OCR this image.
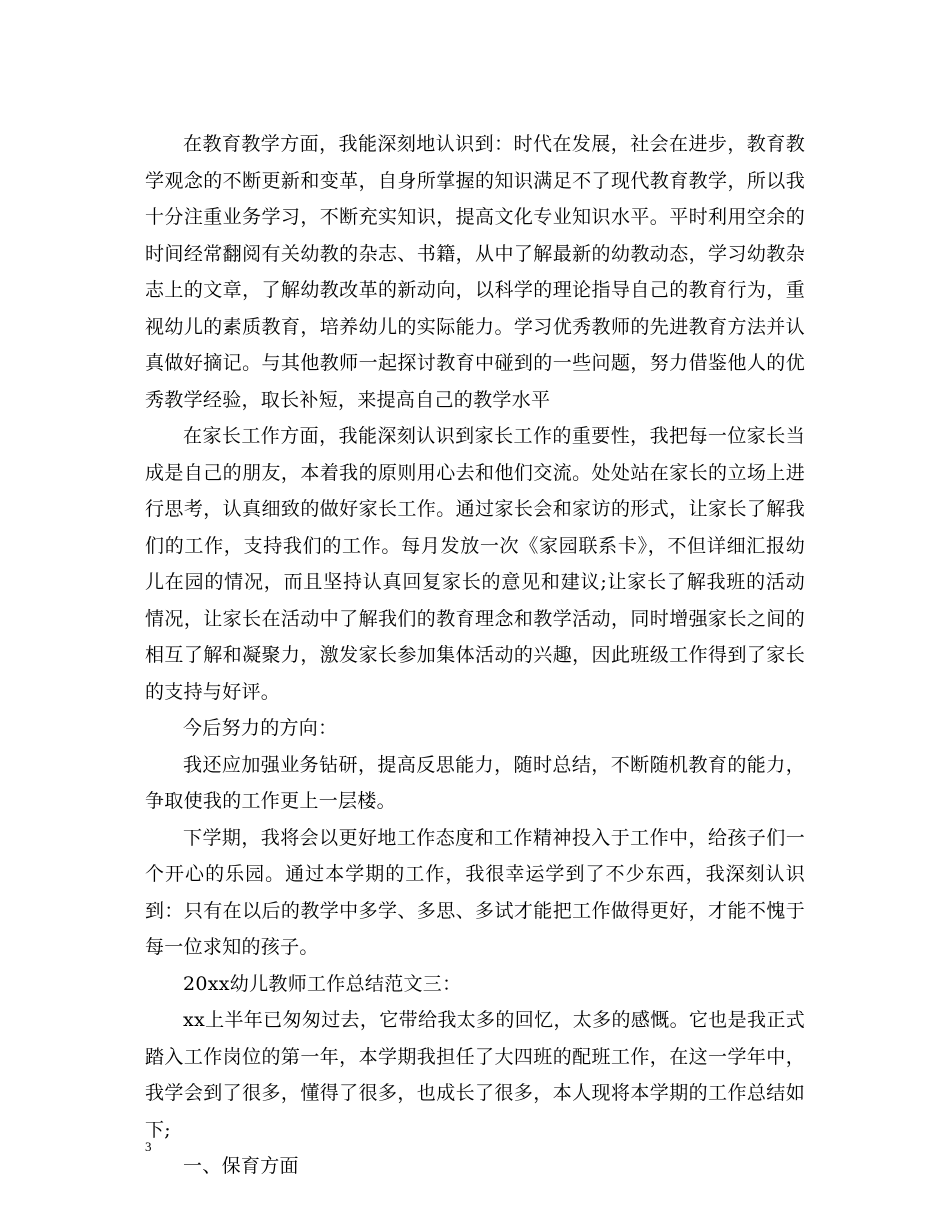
在教育教学方面，我能深刻地认识到：时代在发展，社会在进步，教育教学观念的不断更新和变革，自身所掌握的知识满足不了现代教育教学，所以我十分注重业务学习，不断充实知识，提高文化专业知识水平。平时利用空余的时间经常翻阅有关幼教的杂志、书籍，从中了解最新的幼教动态，学习幼教杂志上的文章，了解幼教改革的新动向，以科学的理论指导自己的教育行为，重视幼儿的素质教育，培养幼儿的实际能力。学习优秀教师的先进教育方法并认真做好摘记。与其他教师一起探讨教育中碰到的一些问题，努力借鉴他人的优秀教学经验，取长补短，来提高自己的教学水平

在家长工作方面，我能深刻认识到家长工作的重要性，我把每一位家长当成是自己的朋友，本着我的原则用心去和他们交流。处处站在家长的立场上进行思考，认真细致的做好家长工作。通过家长会和家访的形式，让家长了解我们的工作，支持我们的工作。每月发放一次《家园联系卡》，不但详细汇报幼儿在园的情况，而且坚持认真回复家长的意见和建议;让家长了解我班的活动情况，让家长在活动中了解我们的教育理念和教学活动，同时增强家长之间的相互了解和凝聚力，激发家长参加集体活动的兴趣，因此班级工作得到了家长的支持与好评。

今后努力的方向：

我还应加强业务钻研，提高反思能力，随时总结，不断随机教育的能力，争取使我的工作更上一层楼。

下学期，我将会以更好地工作态度和工作精神投入于工作中，给孩子们一个开心的乐园。通过本学期的工作，我很幸运学到了不少东西，我深刻认识到：只有在以后的教学中多学、多思、多试才能把工作做得更好，才能不愧于每一位求知的孩子。

20xx幼儿教师工作总结范文三：

xx上半年已匆匆过去，它带给我太多的回忆，太多的感慨。它也是我正式踏入工作岗位的第一年，本学期我担任了大四班的配班工作，在这一学年中，我学会到了很多，懂得了很多，也成长了很多，本人现将本学期的工作总结如下;

一、保育方面

3
